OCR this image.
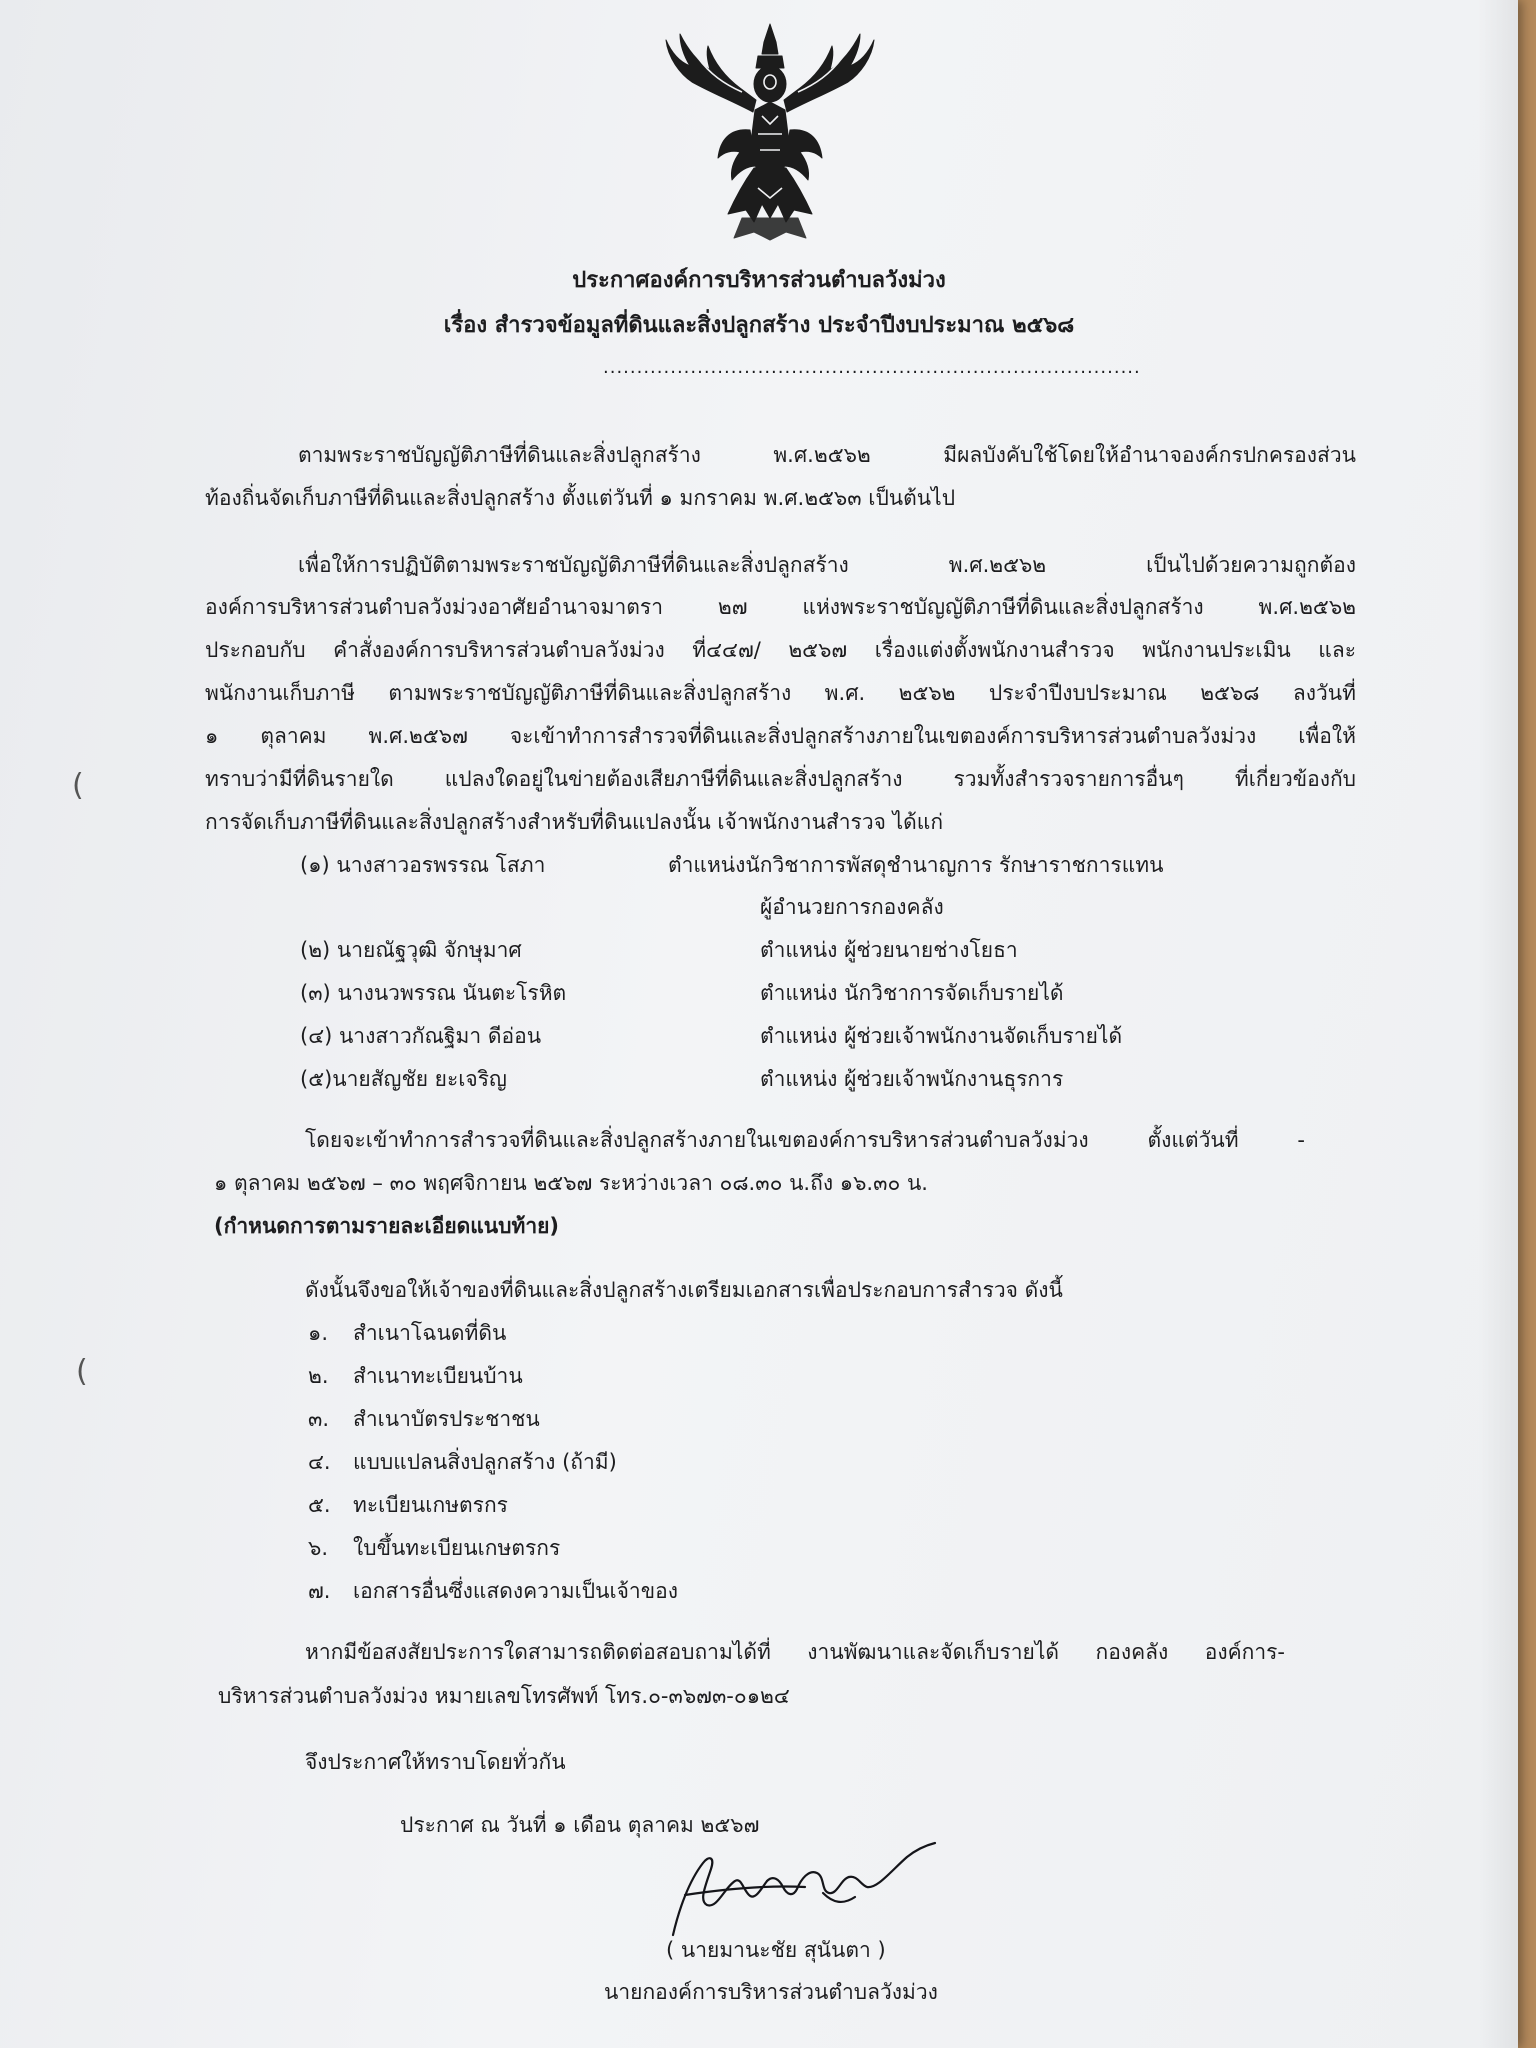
ประกาศองค์การบริหารส่วนตำบลวังม่วง
เรื่อง สำรวจข้อมูลที่ดินและสิ่งปลูกสร้าง ประจำปีงบประมาณ ๒๕๖๘
................................................................................
ตามพระราชบัญญัติภาษีที่ดินและสิ่งปลูกสร้าง พ.ศ.๒๕๖๒ มีผลบังคับใช้โดยให้อำนาจองค์กรปกครองส่วน
ท้องถิ่นจัดเก็บภาษีที่ดินและสิ่งปลูกสร้าง ตั้งแต่วันที่ ๑ มกราคม พ.ศ.๒๕๖๓ เป็นต้นไป
เพื่อให้การปฏิบัติตามพระราชบัญญัติภาษีที่ดินและสิ่งปลูกสร้าง พ.ศ.๒๕๖๒ เป็นไปด้วยความถูกต้อง
องค์การบริหารส่วนตำบลวังม่วงอาศัยอำนาจมาตรา ๒๗ แห่งพระราชบัญญัติภาษีที่ดินและสิ่งปลูกสร้าง พ.ศ.๒๕๖๒
ประกอบกับ คำสั่งองค์การบริหารส่วนตำบลวังม่วง ที่๔๔๗/ ๒๕๖๗ เรื่องแต่งตั้งพนักงานสำรวจ พนักงานประเมิน และ
พนักงานเก็บภาษี ตามพระราชบัญญัติภาษีที่ดินและสิ่งปลูกสร้าง พ.ศ. ๒๕๖๒ ประจำปีงบประมาณ ๒๕๖๘ ลงวันที่
๑ ตุลาคม พ.ศ.๒๕๖๗ จะเข้าทำการสำรวจที่ดินและสิ่งปลูกสร้างภายในเขตองค์การบริหารส่วนตำบลวังม่วง เพื่อให้
ทราบว่ามีที่ดินรายใด แปลงใดอยู่ในข่ายต้องเสียภาษีที่ดินและสิ่งปลูกสร้าง รวมทั้งสำรวจรายการอื่นๆ ที่เกี่ยวข้องกับ
การจัดเก็บภาษีที่ดินและสิ่งปลูกสร้างสำหรับที่ดินแปลงนั้น เจ้าพนักงานสำรวจ ได้แก่
(๑) นางสาวอรพรรณ โสภา	ตำแหน่งนักวิชาการพัสดุชำนาญการ รักษาราชการแทน
ผู้อำนวยการกองคลัง
(๒) นายณัฐวุฒิ จักษุมาศ	ตำแหน่ง ผู้ช่วยนายช่างโยธา
(๓) นางนวพรรณ นันตะโรหิต	ตำแหน่ง นักวิชาการจัดเก็บรายได้
(๔) นางสาวกัณฐิมา ดีอ่อน	ตำแหน่ง ผู้ช่วยเจ้าพนักงานจัดเก็บรายได้
(๕)นายสัญชัย ยะเจริญ	ตำแหน่ง ผู้ช่วยเจ้าพนักงานธุรการ
โดยจะเข้าทำการสำรวจที่ดินและสิ่งปลูกสร้างภายในเขตองค์การบริหารส่วนตำบลวังม่วง ตั้งแต่วันที่ -
๑ ตุลาคม ๒๕๖๗ – ๓๐ พฤศจิกายน ๒๕๖๗ ระหว่างเวลา ๐๘.๓๐ น.ถึง ๑๖.๓๐ น.
(กำหนดการตามรายละเอียดแนบท้าย)
ดังนั้นจึงขอให้เจ้าของที่ดินและสิ่งปลูกสร้างเตรียมเอกสารเพื่อประกอบการสำรวจ ดังนี้
๑. สำเนาโฉนดที่ดิน
๒. สำเนาทะเบียนบ้าน
๓. สำเนาบัตรประชาชน
๔. แบบแปลนสิ่งปลูกสร้าง (ถ้ามี)
๕. ทะเบียนเกษตรกร
๖. ใบขึ้นทะเบียนเกษตรกร
๗. เอกสารอื่นซึ่งแสดงความเป็นเจ้าของ
หากมีข้อสงสัยประการใดสามารถติดต่อสอบถามได้ที่ งานพัฒนาและจัดเก็บรายได้ กองคลัง องค์การ-
บริหารส่วนตำบลวังม่วง หมายเลขโทรศัพท์ โทร.๐-๓๖๗๓-๐๑๒๔
จึงประกาศให้ทราบโดยทั่วกัน
ประกาศ ณ วันที่ ๑ เดือน ตุลาคม ๒๕๖๗
( นายมานะชัย สุนันตา )
นายกองค์การบริหารส่วนตำบลวังม่วง
(
(
